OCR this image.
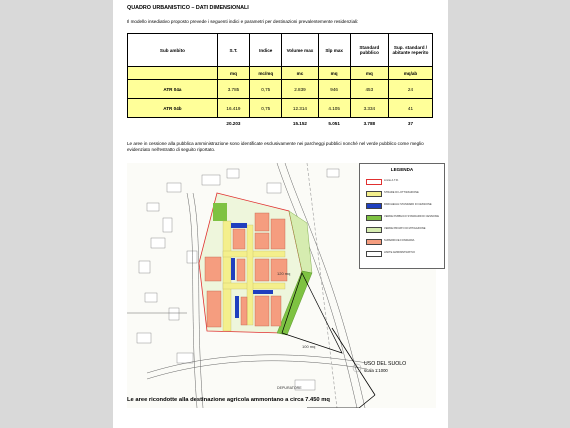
QUADRO URBANISTICO – DATI DIMENSIONALI
Il modello insediativo proposto prevede i seguenti indici e parametri per destinazioni prevalentemente residenziali:
Sub ambito	S.T.	Indice	Volume max	Slp max	Standard pubblico	Sup. standard / abitante reperito
	mq	mc/mq	mc	mq	mq	mq/ab
ATR 04a	3.785	0,75	2.839	946	453	24
ATR 04b	16.419	0,75	12.314	4.105	3.334	41
	20.203		15.152	5.051	3.788	37
Le aree in cessione alla pubblica amministrazione sono identificate esclusivamente nei parcheggi pubblici nonché nel verde pubblico come meglio evidenziato nell'estratto di seguito riportato.
120 mq
100 mq
DEPURATORE
LEGENDA
Limite A.T.R.
STRADE DI LOTTIZZAZIONE
PARCHEGGI STANDARD DI CESSIONE
VERDE PUBBLICO STANDARD DI CESSIONE
VERDE PRIVATO DI MITIGAZIONE
SUPERFICIE FONDIARIA
LIMITE AMMINISTRATIVO
USO DEL SUOLO
scala 1:1000
Le aree ricondotte alla destinazione agricola ammontano a circa 7.450 mq
